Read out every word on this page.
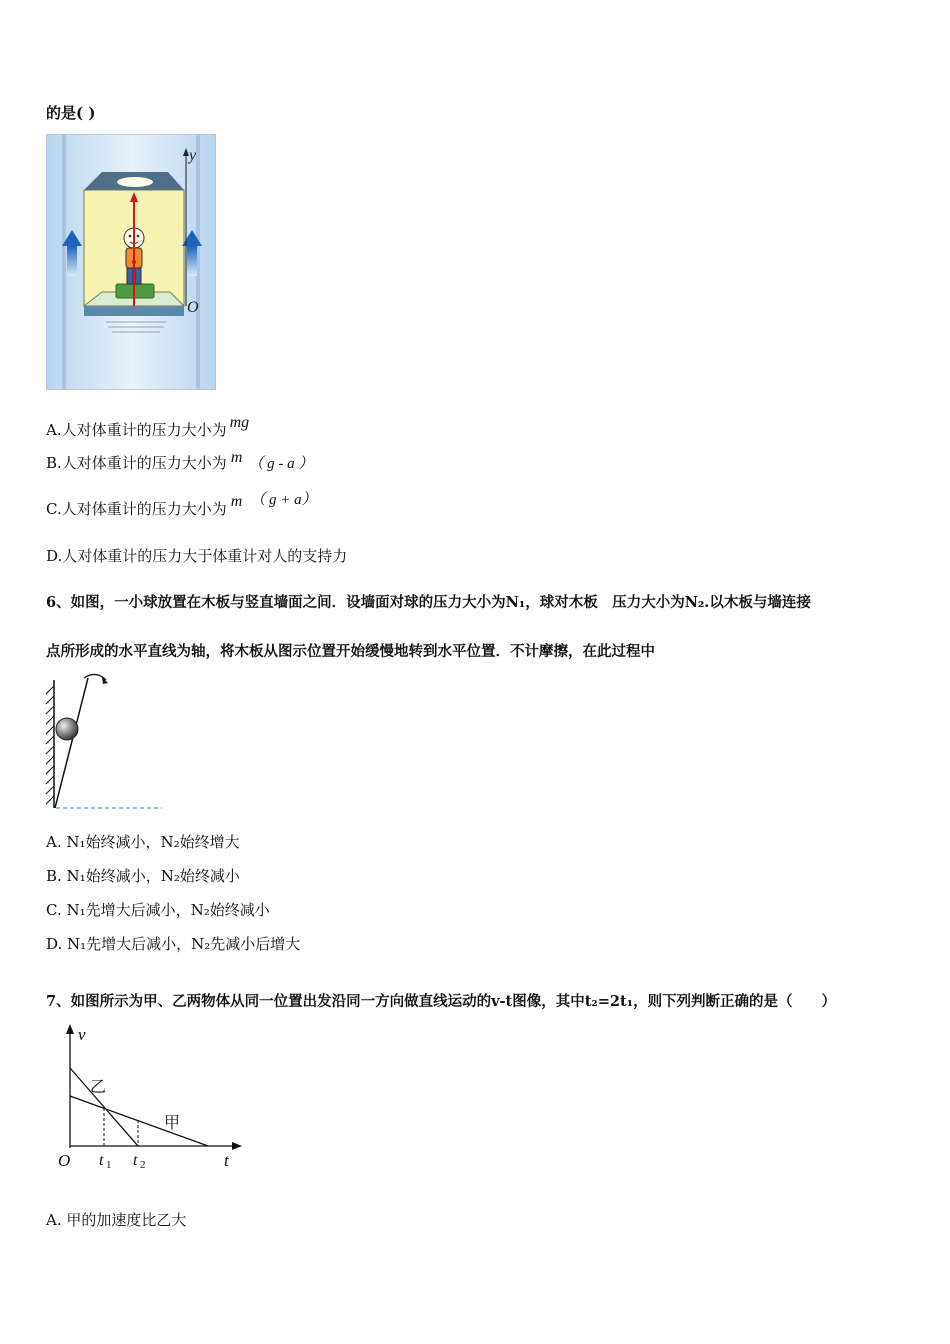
的是( )
y
O
A.人对体重计的压力大小为 mg
B.人对体重计的压力大小为 m （ g - a ）
C.人对体重计的压力大小为 m （ g + a）
D.人对体重计的压力大于体重计对人的支持力
6、如图，一小球放置在木板与竖直墙面之间．设墙面对球的压力大小为N₁，球对木板　压力大小为N₂.以木板与墙连接
点所形成的水平直线为轴，将木板从图示位置开始缓慢地转到水平位置．不计摩擦，在此过程中
A. N₁始终减小，N₂始终增大
B. N₁始终减小，N₂始终减小
C. N₁先增大后减小，N₂始终减小
D. N₁先增大后减小，N₂先减小后增大
7、如图所示为甲、乙两物体从同一位置出发沿同一方向做直线运动的v-t图像，其中t₂=2t₁，则下列判断正确的是（　　）
v
t
O t 1 t 2
甲
乙
A. 甲的加速度比乙大
